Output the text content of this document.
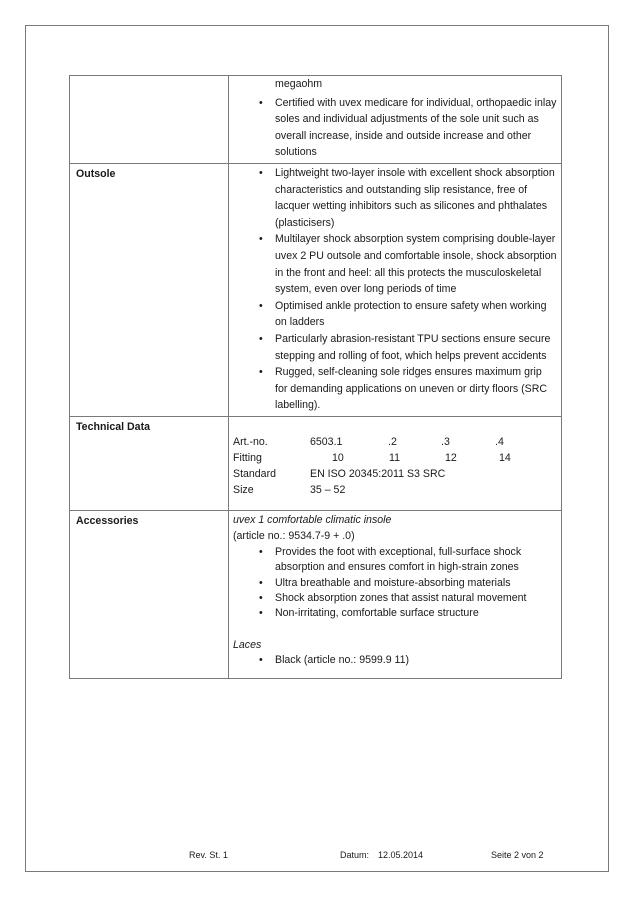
megaohm
• Certified with uvex medicare for individual, orthopaedic inlay soles and individual adjustments of the sole unit such as overall increase, inside and outside increase and other solutions

Outsole	• Lightweight two-layer insole with excellent shock absorption characteristics and outstanding slip resistance, free of lacquer wetting inhibitors such as silicones and phthalates (plasticisers)
• Multilayer shock absorption system comprising double-layer uvex 2 PU outsole and comfortable insole, shock absorption in the front and heel: all this protects the musculoskeletal system, even over long periods of time
• Optimised ankle protection to ensure safety when working on ladders
• Particularly abrasion-resistant TPU sections ensure secure stepping and rolling of foot, which helps prevent accidents
• Rugged, self-cleaning sole ridges ensures maximum grip for demanding applications on uneven or dirty floors (SRC labelling).

Technical Data

Art.-no.	6503.1	.2	.3	.4
Fitting	10	11	12	14
Standard	EN ISO 20345:2011 S3 SRC
Size	35 – 52

Accessories	uvex 1 comfortable climatic insole
(article no.: 9534.7-9 + .0)
• Provides the foot with exceptional, full-surface shock absorption and ensures comfort in high-strain zones
• Ultra breathable and moisture-absorbing materials
• Shock absorption zones that assist natural movement
• Non-irritating, comfortable surface structure
Laces
• Black (article no.: 9599.9 11)
Rev. St. 1	Datum: 12.05.2014	Seite 2 von 2
